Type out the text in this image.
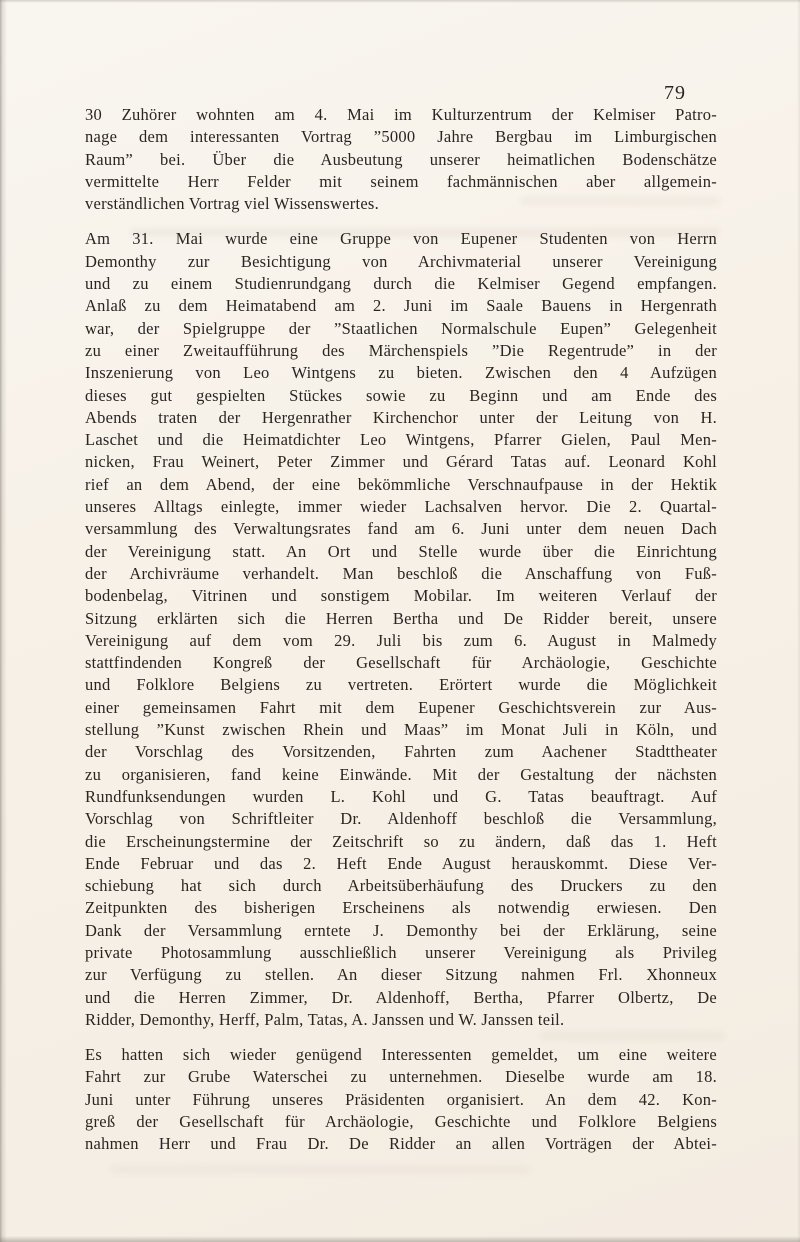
79
30 Zuhörer wohnten am 4. Mai im Kulturzentrum der Kelmiser Patro-
nage dem interessanten Vortrag ”5000 Jahre Bergbau im Limburgischen
Raum” bei. Über die Ausbeutung unserer heimatlichen Bodenschätze
vermittelte Herr Felder mit seinem fachmännischen aber allgemein-
verständlichen Vortrag viel Wissenswertes.
Am 31. Mai wurde eine Gruppe von Eupener Studenten von Herrn
Demonthy zur Besichtigung von Archivmaterial unserer Vereinigung
und zu einem Studienrundgang durch die Kelmiser Gegend empfangen.
Anlaß zu dem Heimatabend am 2. Juni im Saale Bauens in Hergenrath
war, der Spielgruppe der ”Staatlichen Normalschule Eupen” Gelegenheit
zu einer Zweitaufführung des Märchenspiels ”Die Regentrude” in der
Inszenierung von Leo Wintgens zu bieten. Zwischen den 4 Aufzügen
dieses gut gespielten Stückes sowie zu Beginn und am Ende des
Abends traten der Hergenrather Kirchenchor unter der Leitung von H.
Laschet und die Heimatdichter Leo Wintgens, Pfarrer Gielen, Paul Men-
nicken, Frau Weinert, Peter Zimmer und Gérard Tatas auf. Leonard Kohl
rief an dem Abend, der eine bekömmliche Verschnaufpause in der Hektik
unseres Alltags einlegte, immer wieder Lachsalven hervor. Die 2. Quartal-
versammlung des Verwaltungsrates fand am 6. Juni unter dem neuen Dach
der Vereinigung statt. An Ort und Stelle wurde über die Einrichtung
der Archivräume verhandelt. Man beschloß die Anschaffung von Fuß-
bodenbelag, Vitrinen und sonstigem Mobilar. Im weiteren Verlauf der
Sitzung erklärten sich die Herren Bertha und De Ridder bereit, unsere
Vereinigung auf dem vom 29. Juli bis zum 6. August in Malmedy
stattfindenden Kongreß der Gesellschaft für Archäologie, Geschichte
und Folklore Belgiens zu vertreten. Erörtert wurde die Möglichkeit
einer gemeinsamen Fahrt mit dem Eupener Geschichtsverein zur Aus-
stellung ”Kunst zwischen Rhein und Maas” im Monat Juli in Köln, und
der Vorschlag des Vorsitzenden, Fahrten zum Aachener Stadttheater
zu organisieren, fand keine Einwände. Mit der Gestaltung der nächsten
Rundfunksendungen wurden L. Kohl und G. Tatas beauftragt. Auf
Vorschlag von Schriftleiter Dr. Aldenhoff beschloß die Versammlung,
die Erscheinungstermine der Zeitschrift so zu ändern, daß das 1. Heft
Ende Februar und das 2. Heft Ende August herauskommt. Diese Ver-
schiebung hat sich durch Arbeitsüberhäufung des Druckers zu den
Zeitpunkten des bisherigen Erscheinens als notwendig erwiesen. Den
Dank der Versammlung erntete J. Demonthy bei der Erklärung, seine
private Photosammlung ausschließlich unserer Vereinigung als Privileg
zur Verfügung zu stellen. An dieser Sitzung nahmen Frl. Xhonneux
und die Herren Zimmer, Dr. Aldenhoff, Bertha, Pfarrer Olbertz, De
Ridder, Demonthy, Herff, Palm, Tatas, A. Janssen und W. Janssen teil.
Es hatten sich wieder genügend Interessenten gemeldet, um eine weitere
Fahrt zur Grube Waterschei zu unternehmen. Dieselbe wurde am 18.
Juni unter Führung unseres Präsidenten organisiert. An dem 42. Kon-
greß der Gesellschaft für Archäologie, Geschichte und Folklore Belgiens
nahmen Herr und Frau Dr. De Ridder an allen Vorträgen der Abtei-
